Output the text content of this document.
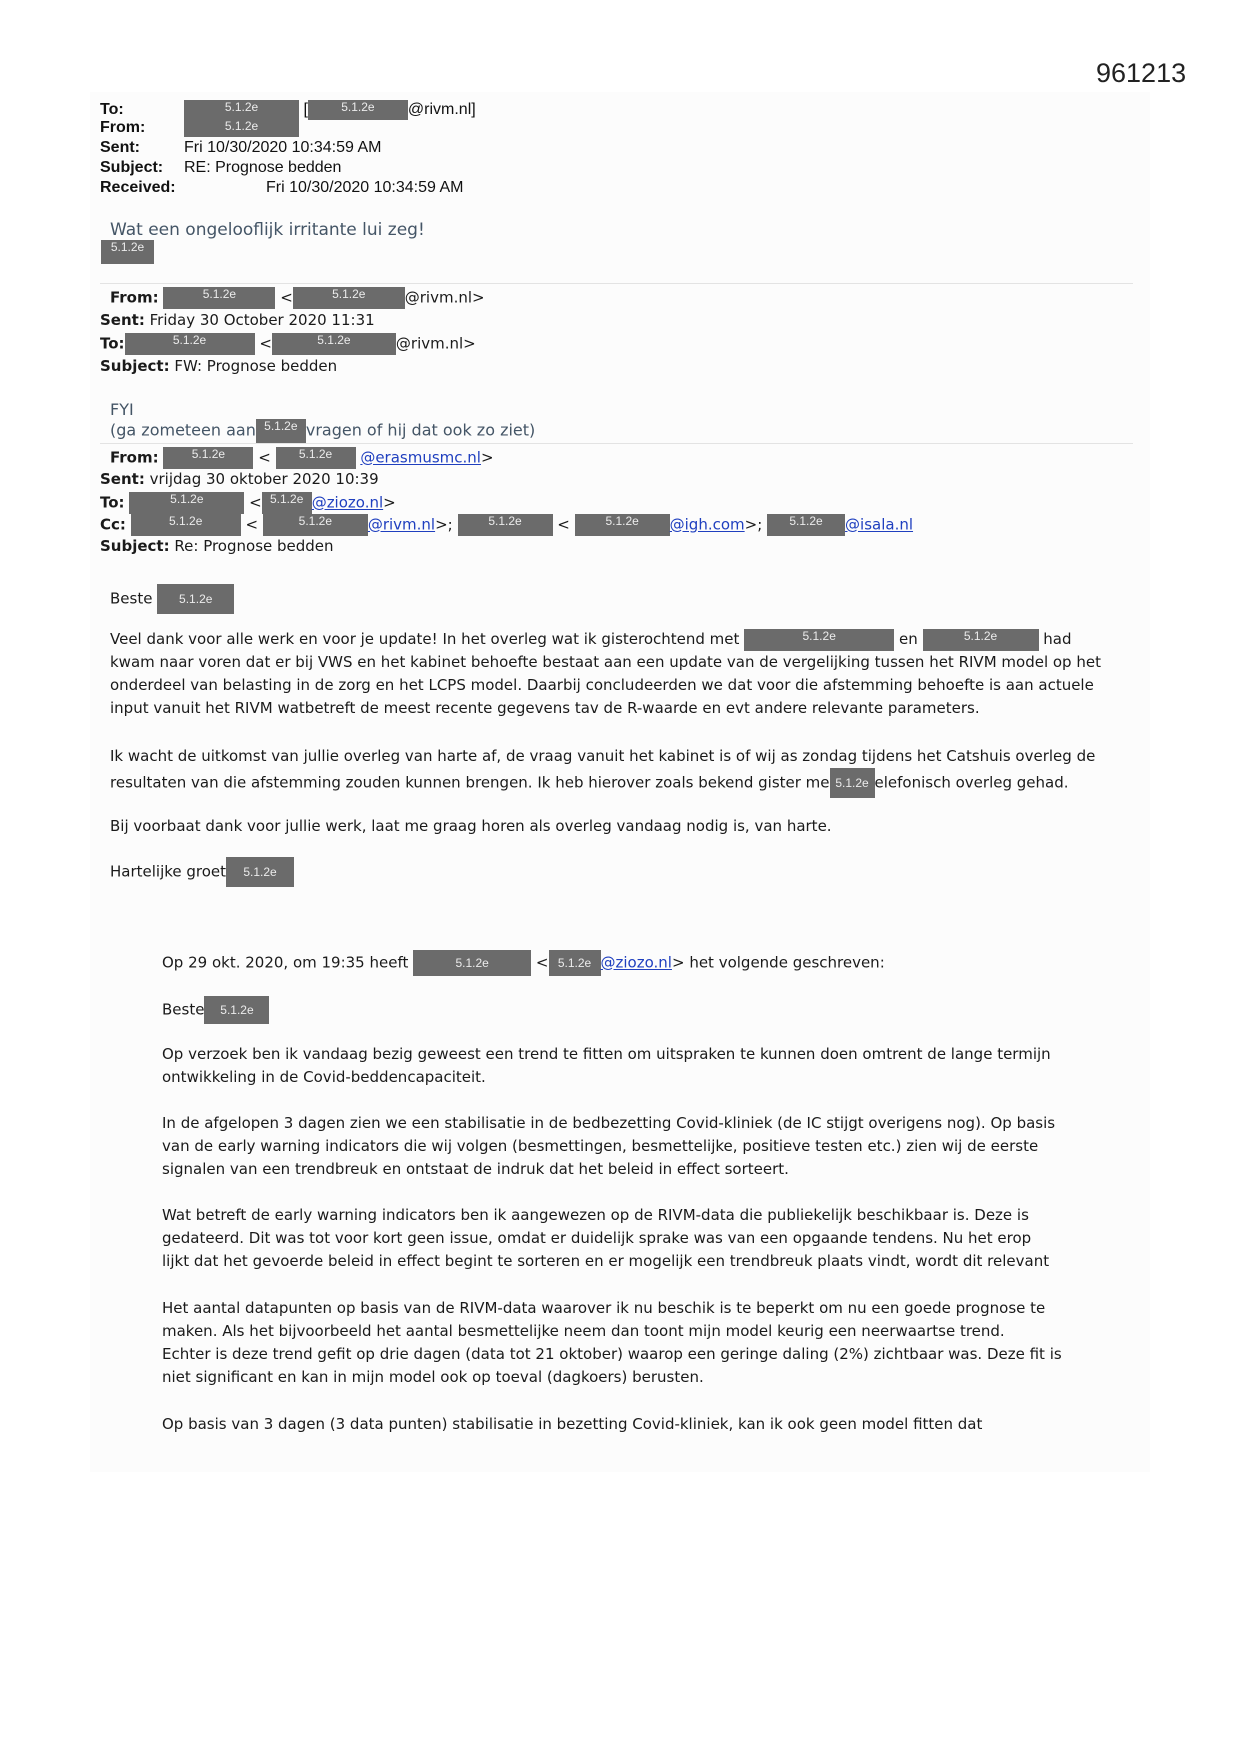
961213
To:	5.1.2e	[	5.1.2e @rivm.nl]
From:	5.1.2e
Sent:	Fri 10/30/2020 10:34:59 AM
Subject: RE: Prognose bedden
Received:	Fri 10/30/2020 10:34:59 AM
Wat een ongelooflijk irritante lui zeg!
5.1.2e
From:	5.1.2e	<	5.1.2e	@rivm.nl>
Sent: Friday 30 October 2020 11:31
To:	5.1.2e	<	5.1.2e	@rivm.nl>
Subject: FW: Prognose bedden
FYI
(ga zometeen aan 5.1.2e vragen of hij dat ook zo ziet)
From:	5.1.2e < 5.1.2e @erasmusmc.nl>
Sent: vrijdag 30 oktober 2020 10:39
To:	5.1.2e	< 5.1.2e @ziozo.nl>
Cc:	5.1.2e	<	5.1.2e @rivm.nl>;	5.1.2e <	5.1.2e @igh.com>; 5.1.2e @isala.nl
Subject: Re: Prognose bedden
Beste 5.1.2e
Veel dank voor alle werk en voor je update! In het overleg wat ik gisterochtend met	5.1.2e	en	5.1.2e	had
kwam naar voren dat er bij VWS en het kabinet behoefte bestaat aan een update van de vergelijking tussen het RIVM model op het
onderdeel van belasting in de zorg en het LCPS model. Daarbij concludeerden we dat voor die afstemming behoefte is aan actuele
input vanuit het RIVM watbetreft de meest recente gegevens tav de R-waarde en evt andere relevante parameters.
Ik wacht de uitkomst van jullie overleg van harte af, de vraag vanuit het kabinet is of wij as zondag tijdens het Catshuis overleg de
resultaten van die afstemming zouden kunnen brengen. Ik heb hierover zoals bekend gister me 5.1.2e elefonisch overleg gehad.
Bij voorbaat dank voor jullie werk, laat me graag horen als overleg vandaag nodig is, van harte.
Hartelijke groet 5.1.2e
Op 29 okt. 2020, om 19:35 heeft	5.1.2e	< 5.1.2e @ziozo.nl> het volgende geschreven:
Beste 5.1.2e
Op verzoek ben ik vandaag bezig geweest een trend te fitten om uitspraken te kunnen doen omtrent de lange termijn
ontwikkeling in de Covid-beddencapaciteit.
In de afgelopen 3 dagen zien we een stabilisatie in de bedbezetting Covid-kliniek (de IC stijgt overigens nog). Op basis
van de early warning indicators die wij volgen (besmettingen, besmettelijke, positieve testen etc.) zien wij de eerste
signalen van een trendbreuk en ontstaat de indruk dat het beleid in effect sorteert.
Wat betreft de early warning indicators ben ik aangewezen op de RIVM-data die publiekelijk beschikbaar is. Deze is
gedateerd. Dit was tot voor kort geen issue, omdat er duidelijk sprake was van een opgaande tendens. Nu het erop
lijkt dat het gevoerde beleid in effect begint te sorteren en er mogelijk een trendbreuk plaats vindt, wordt dit relevant
Het aantal datapunten op basis van de RIVM-data waarover ik nu beschik is te beperkt om nu een goede prognose te
maken. Als het bijvoorbeeld het aantal besmettelijke neem dan toont mijn model keurig een neerwaartse trend.
Echter is deze trend gefit op drie dagen (data tot 21 oktober) waarop een geringe daling (2%) zichtbaar was. Deze fit is
niet significant en kan in mijn model ook op toeval (dagkoers) berusten.
Op basis van 3 dagen (3 data punten) stabilisatie in bezetting Covid-kliniek, kan ik ook geen model fitten dat
